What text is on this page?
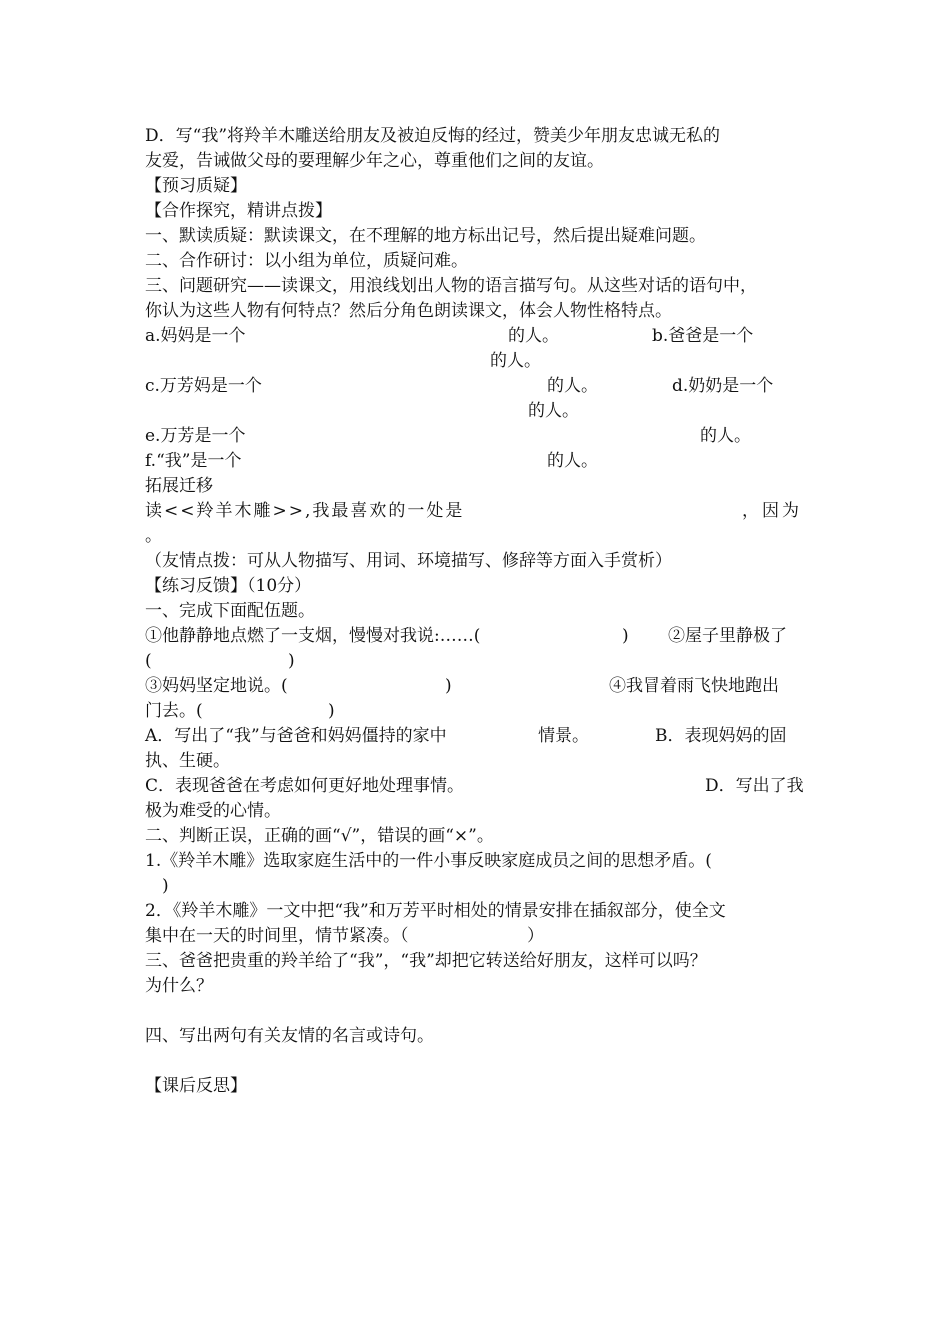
D．写“我”将羚羊木雕送给朋友及被迫反悔的经过，赞美少年朋友忠诚无私的

友爱，告诫做父母的要理解少年之心，尊重他们之间的友谊。

【预习质疑】

【合作探究，精讲点拨】

一、默读质疑：默读课文，在不理解的地方标出记号，然后提出疑难问题。

二、合作研讨：以小组为单位，质疑问难。

三、问题研究——读课文，用浪线划出人物的语言描写句。从这些对话的语句中，

你认为这些人物有何特点？然后分角色朗读课文，体会人物性格特点。

a.妈妈是一个	的人。	b.爸爸是一个

的人。

c.万芳妈是一个	的人。	d.奶奶是一个

的人。

e.万芳是一个	的人。

f.“我”是一个	的人。

拓展迁移

读<<羚羊木雕>>,我最喜欢的一处是	，因为

。

（友情点拨：可从人物描写、用词、环境描写、修辞等方面入手赏析）

【练习反馈】（10分）

一、完成下面配伍题。

①他静静地点燃了一支烟，慢慢对我说:……(	) ②屋子里静极了

(	)

③妈妈坚定地说。(	)	④我冒着雨飞快地跑出

门去。(	)

A．写出了“我”与爸爸和妈妈僵持的家中	情景。	B．表现妈妈的固

执、生硬。

C．表现爸爸在考虑如何更好地处理事情。	D．写出了我

极为难受的心情。

二、判断正误，正确的画“√”，错误的画“×”。

1.《羚羊木雕》选取家庭生活中的一件小事反映家庭成员之间的思想矛盾。(

)

2．《羚羊木雕》一文中把“我”和万芳平时相处的情景安排在插叙部分，使全文

集中在一天的时间里，情节紧凑。（	）

三、爸爸把贵重的羚羊给了“我”，“我”却把它转送给好朋友，这样可以吗？

为什么？

四、写出两句有关友情的名言或诗句。

【课后反思】
